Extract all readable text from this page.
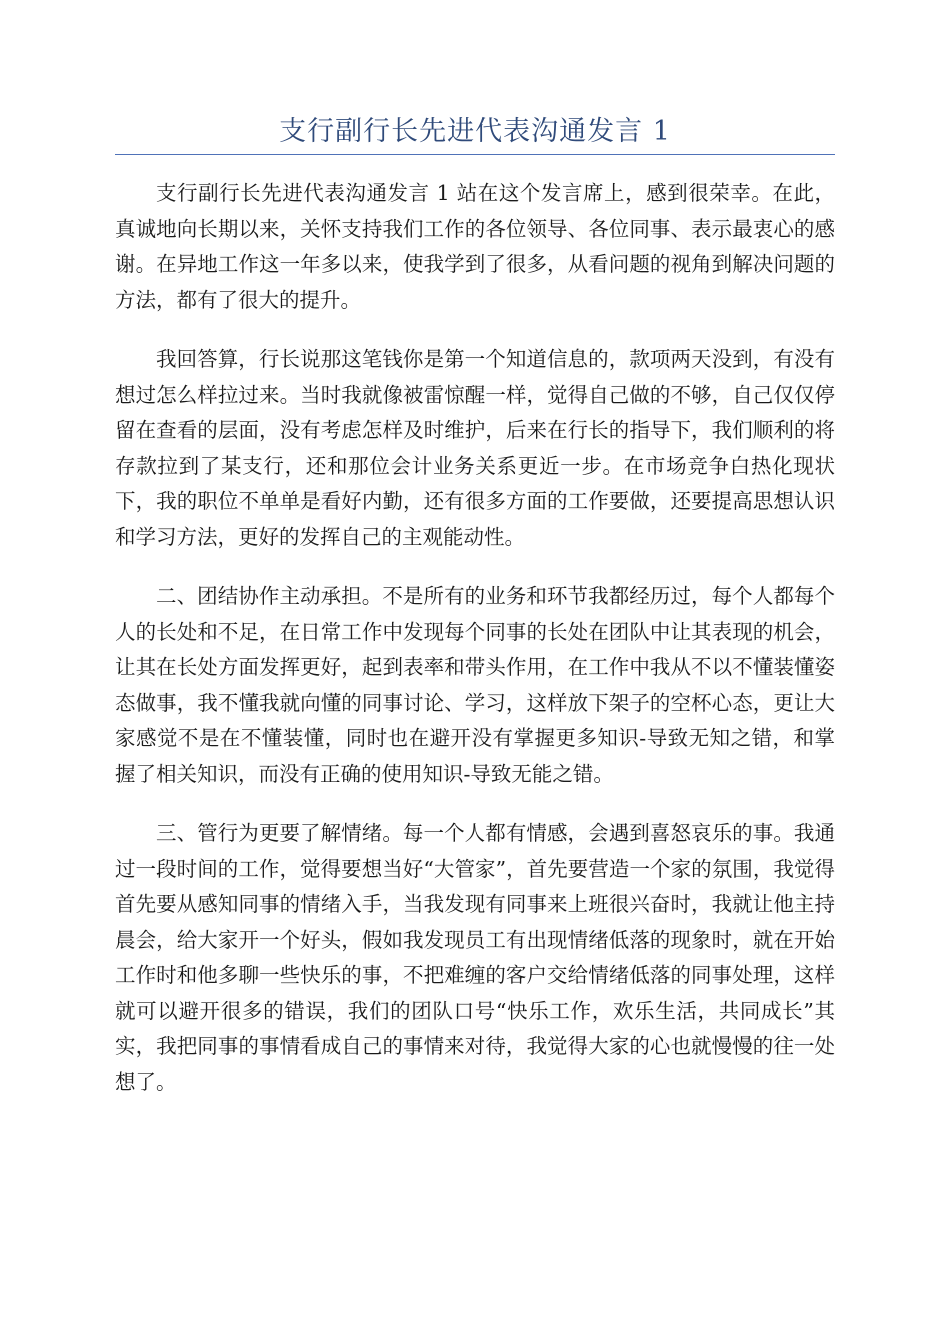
支行副行长先进代表沟通发言 1

支行副行长先进代表沟通发言 1 站在这个发言席上，感到很荣幸。在此，真诚地向长期以来，关怀支持我们工作的各位领导、各位同事、表示最衷心的感谢。在异地工作这一年多以来，使我学到了很多，从看问题的视角到解决问题的方法，都有了很大的提升。

我回答算，行长说那这笔钱你是第一个知道信息的，款项两天没到，有没有想过怎么样拉过来。当时我就像被雷惊醒一样，觉得自己做的不够，自己仅仅停留在查看的层面，没有考虑怎样及时维护，后来在行长的指导下，我们顺利的将存款拉到了某支行，还和那位会计业务关系更近一步。在市场竞争白热化现状下，我的职位不单单是看好内勤，还有很多方面的工作要做，还要提高思想认识和学习方法，更好的发挥自己的主观能动性。

二、团结协作主动承担。不是所有的业务和环节我都经历过，每个人都每个人的长处和不足，在日常工作中发现每个同事的长处在团队中让其表现的机会，让其在长处方面发挥更好，起到表率和带头作用，在工作中我从不以不懂装懂姿态做事，我不懂我就向懂的同事讨论、学习，这样放下架子的空杯心态，更让大家感觉不是在不懂装懂，同时也在避开没有掌握更多知识-导致无知之错，和掌握了相关知识，而没有正确的使用知识-导致无能之错。

三、管行为更要了解情绪。每一个人都有情感，会遇到喜怒哀乐的事。我通过一段时间的工作，觉得要想当好“大管家”，首先要营造一个家的氛围，我觉得首先要从感知同事的情绪入手，当我发现有同事来上班很兴奋时，我就让他主持晨会，给大家开一个好头，假如我发现员工有出现情绪低落的现象时，就在开始工作时和他多聊一些快乐的事，不把难缠的客户交给情绪低落的同事处理，这样就可以避开很多的错误，我们的团队口号“快乐工作，欢乐生活，共同成长”其实，我把同事的事情看成自己的事情来对待，我觉得大家的心也就慢慢的往一处想了。
